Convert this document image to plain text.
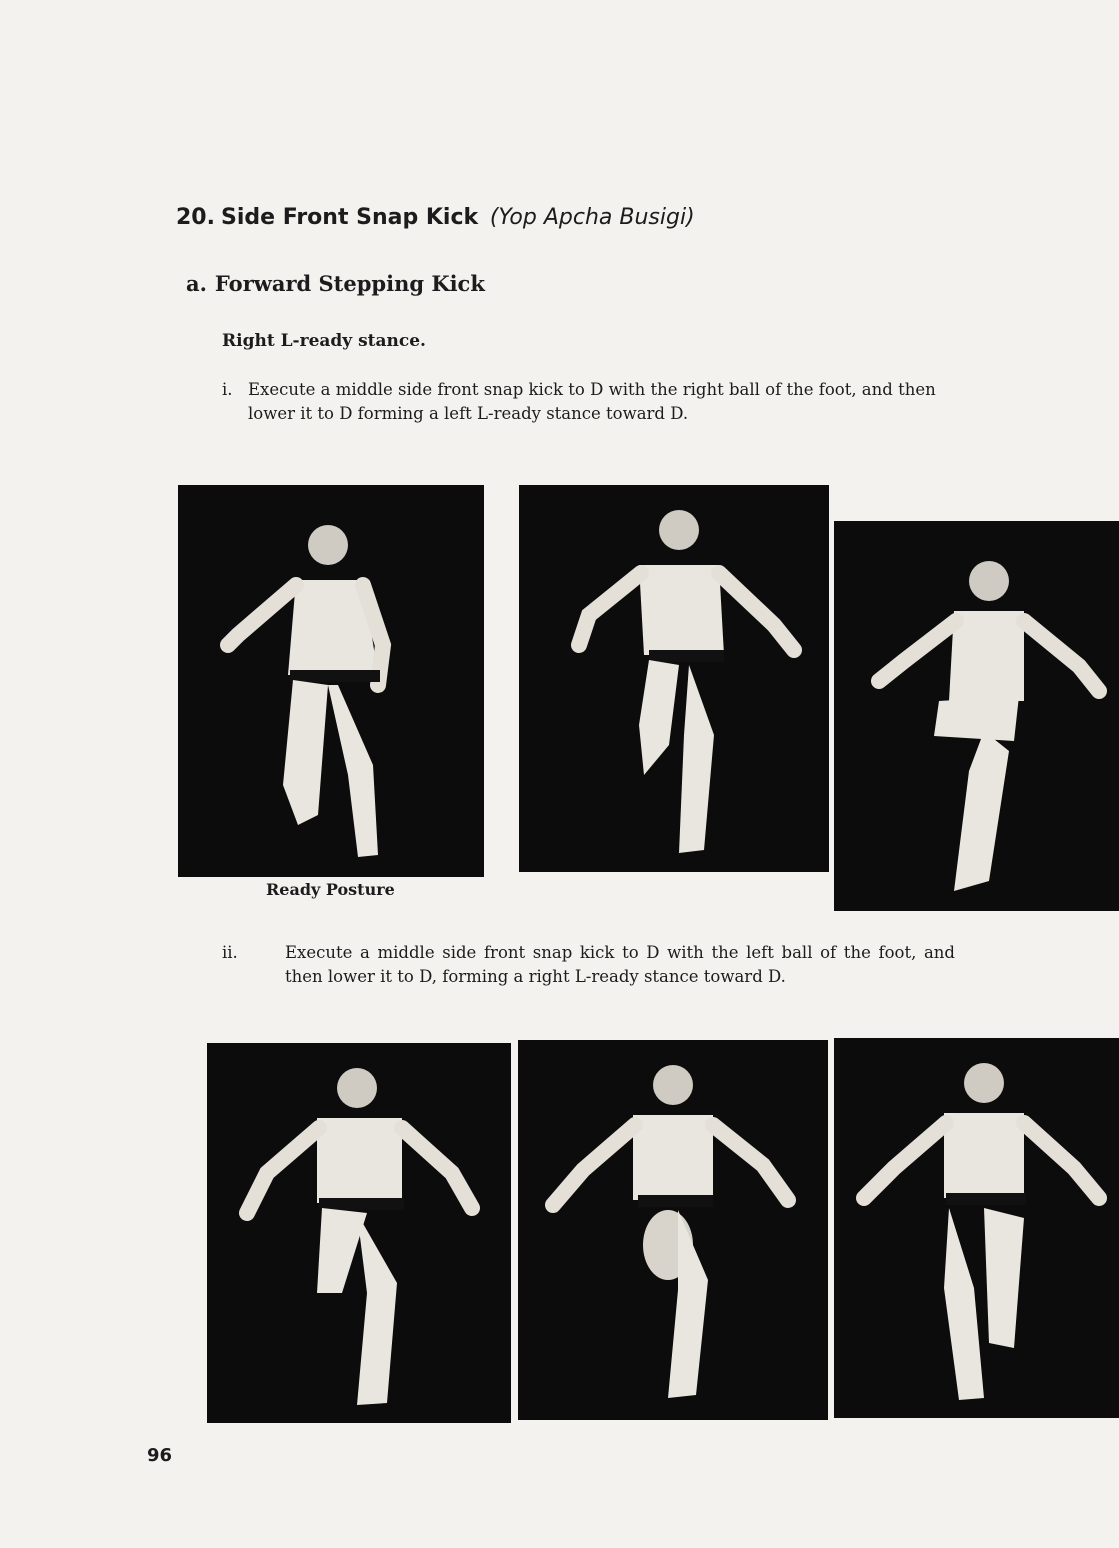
20. Side Front Snap Kick (Yop Apcha Busigi)
a. Forward Stepping Kick
Right L-ready stance.
i. Execute a middle side front snap kick to D with the right ball of the foot, and then lower it to D forming a left L-ready stance toward D.
Ready Posture
ii.	Execute a middle side front snap kick to D with the left ball of the foot, and then lower it to D, forming a right L-ready stance toward D.
96
